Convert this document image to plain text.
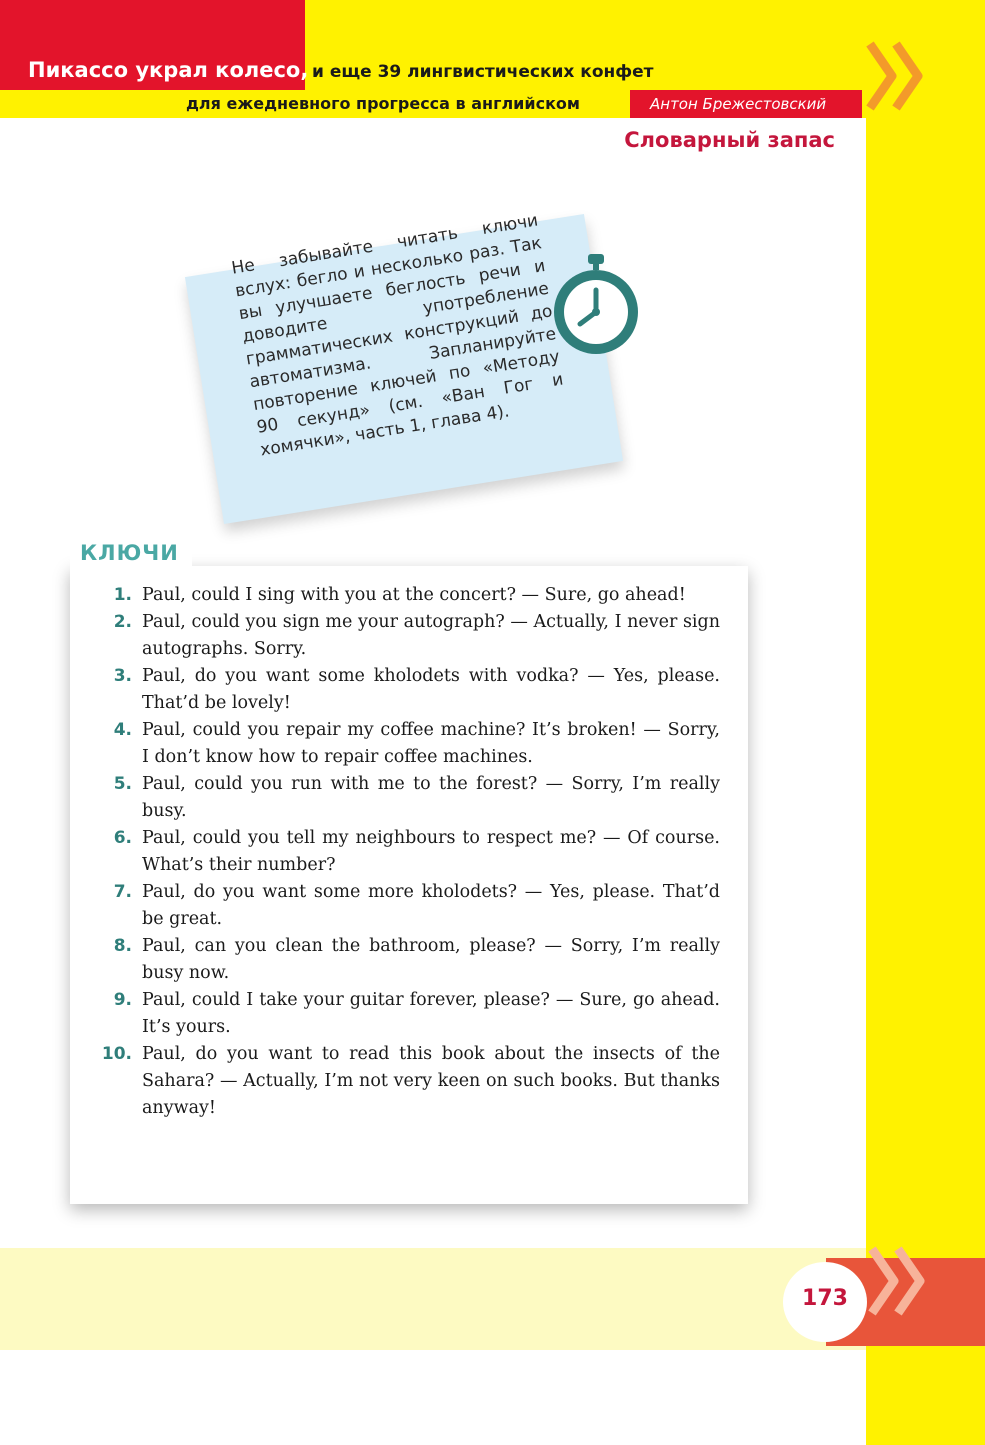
Пикассо украл колесо, и еще 39 лингвистических конфет
для ежедневного прогресса в английском	Антон Брежестовский
Словарный запас
Не забывайте читать ключи вслух: бегло и несколько раз. Так вы улучшаете беглость речи и доводите употребление грамматических конструкций до автоматизма. Запланируйте повторение ключей по «Методу 90 секунд» (см. «Ван Гог и хомячки», часть 1, глава 4).
КЛЮЧИ
1. Paul, could I sing with you at the concert? — Sure, go ahead!
2. Paul, could you sign me your autograph? — Actually, I never sign autographs. Sorry.
3. Paul, do you want some kholodets with vodka? — Yes, please. That’d be lovely!
4. Paul, could you repair my coffee machine? It’s broken! — Sorry, I don’t know how to repair coffee machines.
5. Paul, could you run with me to the forest? — Sorry, I’m really busy.
6. Paul, could you tell my neighbours to respect me? — Of course. What’s their number?
7. Paul, do you want some more kholodets? — Yes, please. That’d be great.
8. Paul, can you clean the bathroom, please? — Sorry, I’m really busy now.
9. Paul, could I take your guitar forever, please? — Sure, go ahead. It’s yours.
10. Paul, do you want to read this book about the insects of the Sahara? — Actually, I’m not very keen on such books. But thanks anyway!
173
